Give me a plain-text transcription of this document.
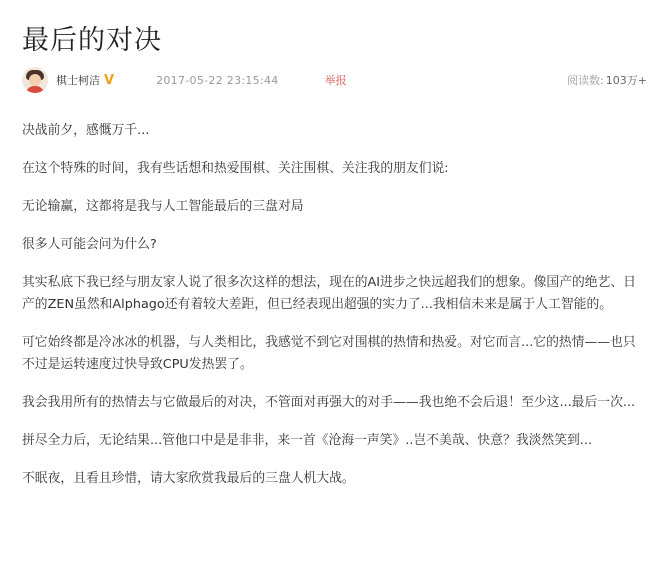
最后的对决
棋士柯洁 V	2017-05-22 23:15:44	举报	阅读数: 103万+

决战前夕，感慨万千...

在这个特殊的时间，我有些话想和热爱围棋、关注围棋、关注我的朋友们说:

无论输赢，这都将是我与人工智能最后的三盘对局

很多人可能会问为什么?

其实私底下我已经与朋友家人说了很多次这样的想法，现在的AI进步之快远超我们的想象。像国产的绝艺、日产的ZEN虽然和Alphago还有着较大差距，但已经表现出超强的实力了...我相信未来是属于人工智能的。

可它始终都是冷冰冰的机器，与人类相比，我感觉不到它对围棋的热情和热爱。对它而言...它的热情——也只不过是运转速度过快导致CPU发热罢了。

我会我用所有的热情去与它做最后的对决，不管面对再强大的对手——我也绝不会后退！至少这...最后一次...

拼尽全力后，无论结果...管他口中是是非非，来一首《沧海一声笑》..岂不美哉、快意？我淡然笑到...

不眠夜，且看且珍惜，请大家欣赏我最后的三盘人机大战。
